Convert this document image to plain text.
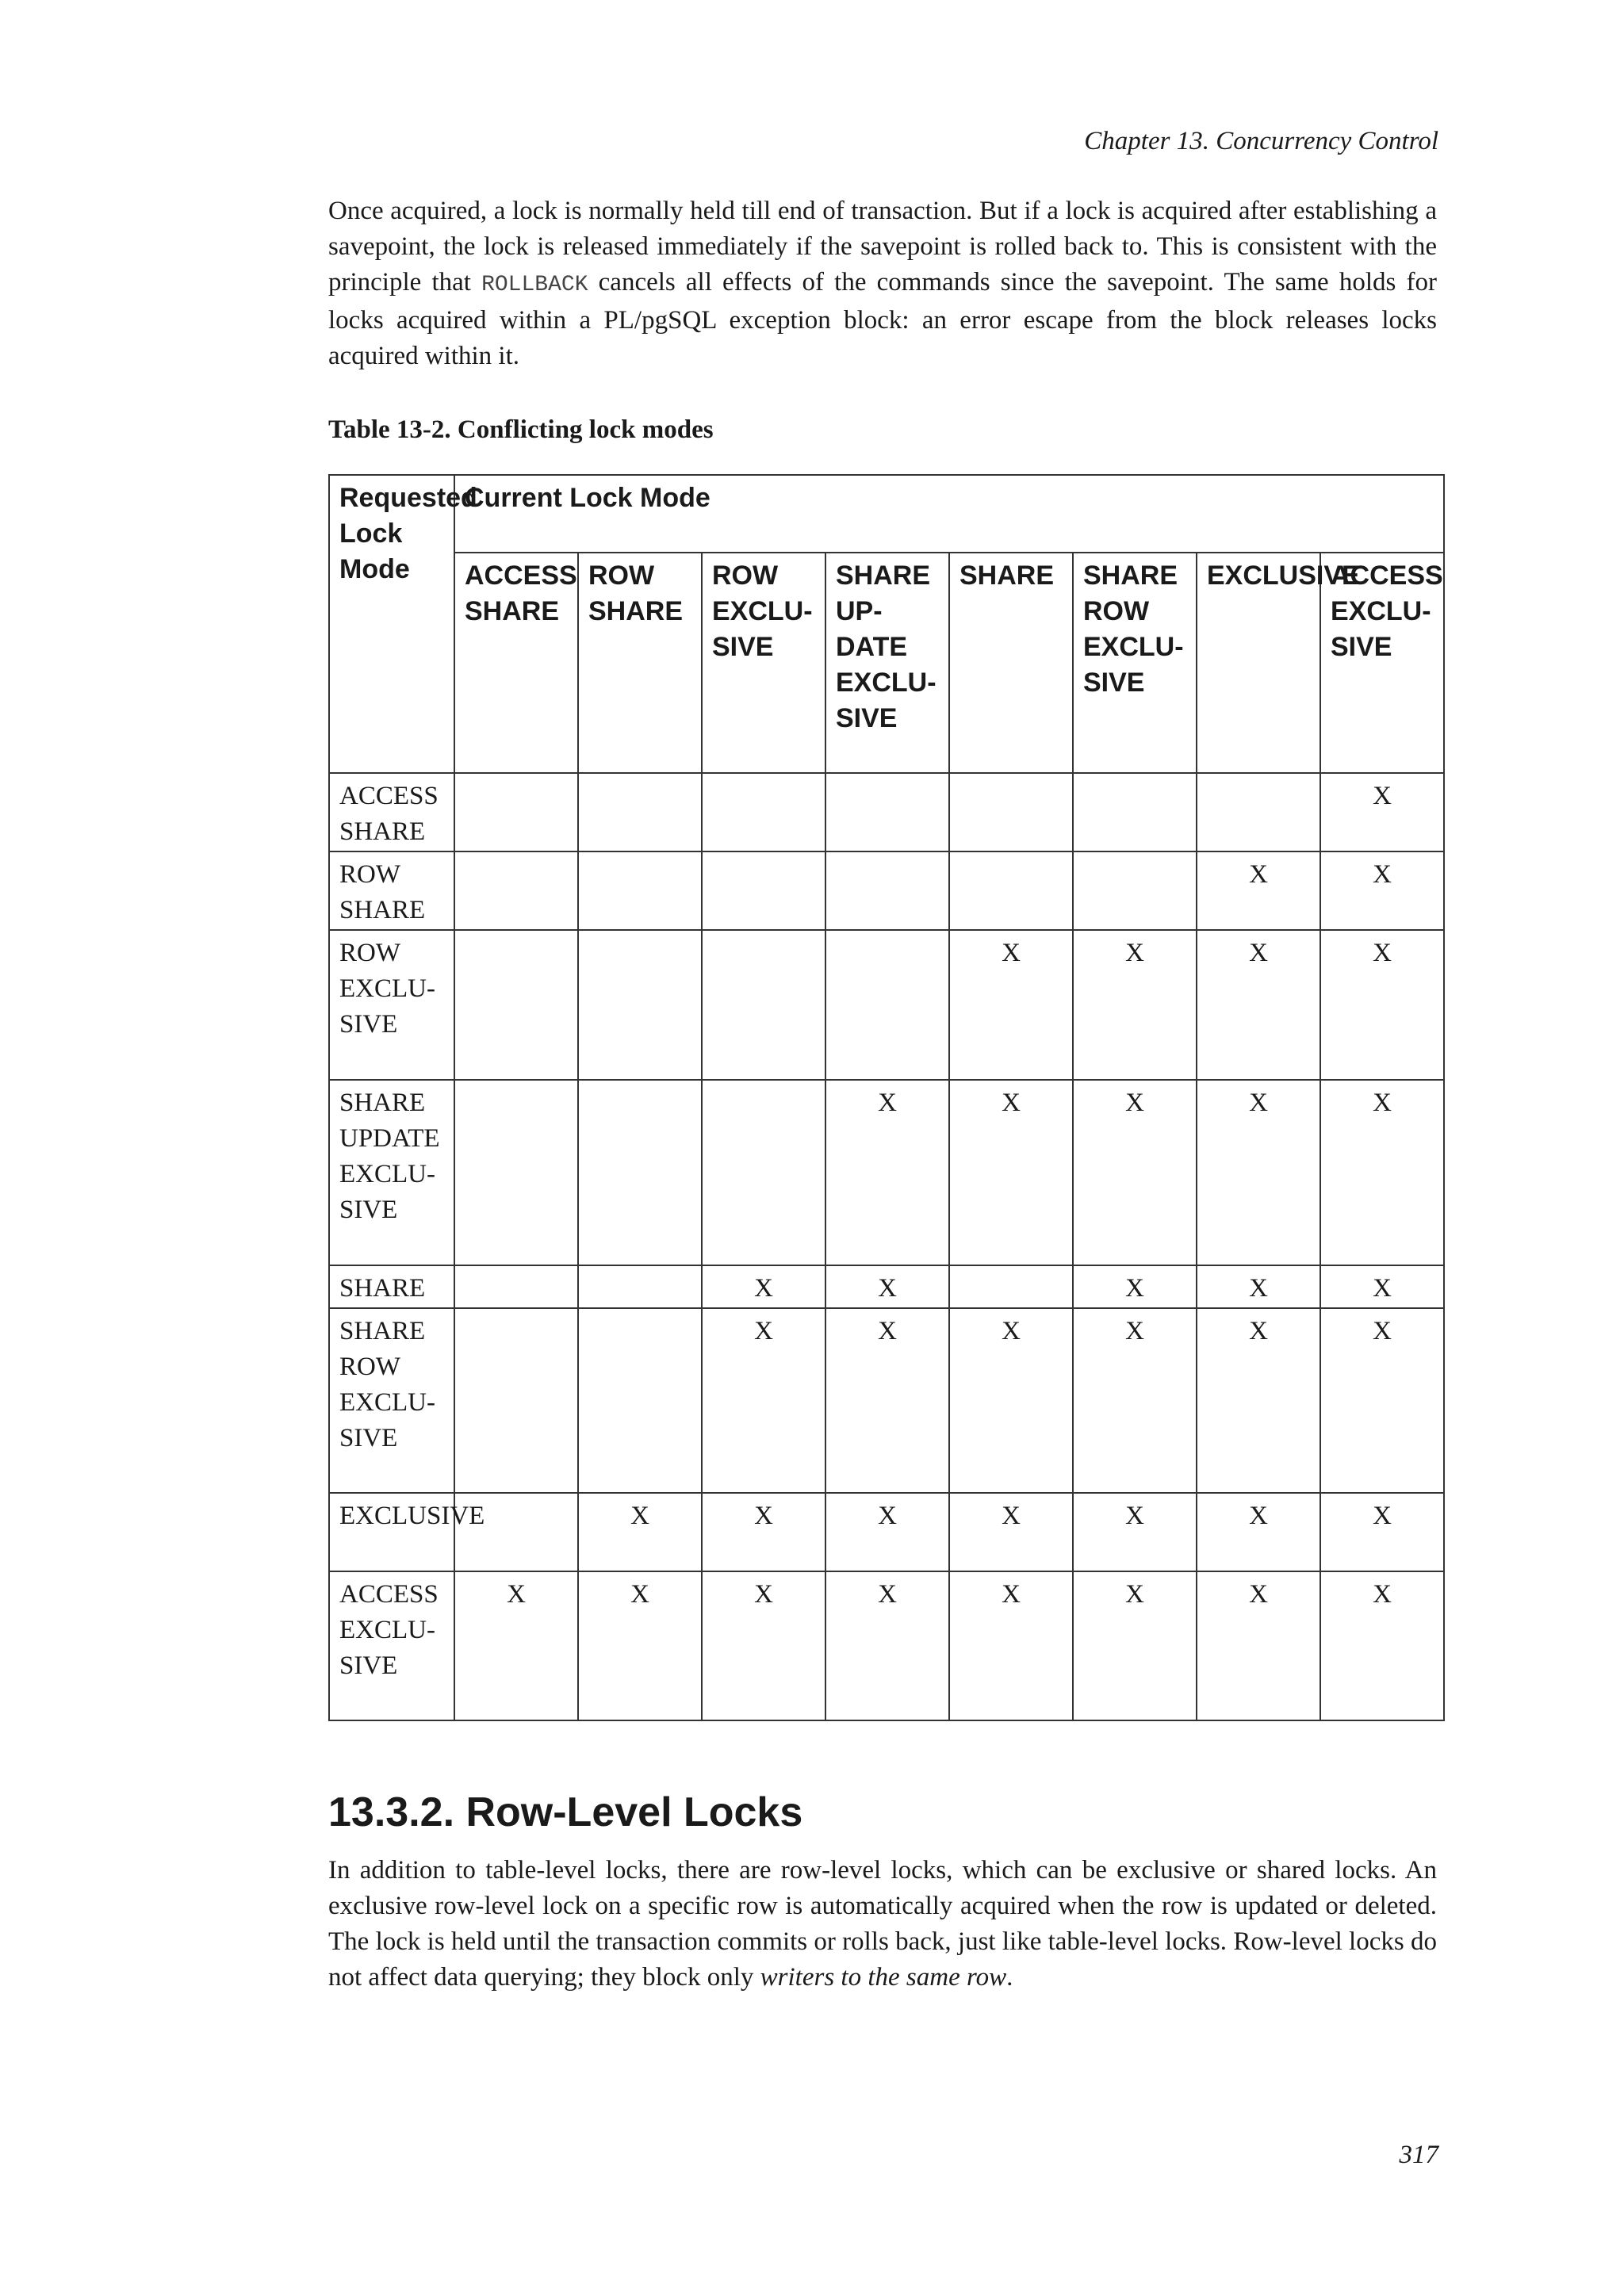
Chapter 13. Concurrency Control

Once acquired, a lock is normally held till end of transaction. But if a lock is acquired after establishing a savepoint, the lock is released immediately if the savepoint is rolled back to. This is consistent with the principle that ROLLBACK cancels all effects of the commands since the savepoint. The same holds for locks acquired within a PL/pgSQL exception block: an error escape from the block releases locks acquired within it.

Table 13-2. Conflicting lock modes
Requested Lock Mode	Current Lock Mode							
	ACCESS SHARE	ROW SHARE	ROW EXCLU- SIVE	SHARE UP- DATE EXCLU- SIVE	SHARE	SHARE ROW EXCLU- SIVE	EXCLUSIVE	ACCESS EXCLU- SIVE
ACCESS SHARE								X
ROW SHARE							X	X
ROW EXCLU- SIVE					X	X	X	X
SHARE UPDATE EXCLU- SIVE				X	X	X	X	X
SHARE			X	X		X	X	X
SHARE ROW EXCLU- SIVE			X	X	X	X	X	X
EXCLUSIVE		X	X	X	X	X	X	X
ACCESS EXCLU- SIVE	X	X	X	X	X	X	X	X
13.3.2. Row-Level Locks

In addition to table-level locks, there are row-level locks, which can be exclusive or shared locks. An exclusive row-level lock on a specific row is automatically acquired when the row is updated or deleted. The lock is held until the transaction commits or rolls back, just like table-level locks. Row-level locks do not affect data querying; they block only writers to the same row.

317
